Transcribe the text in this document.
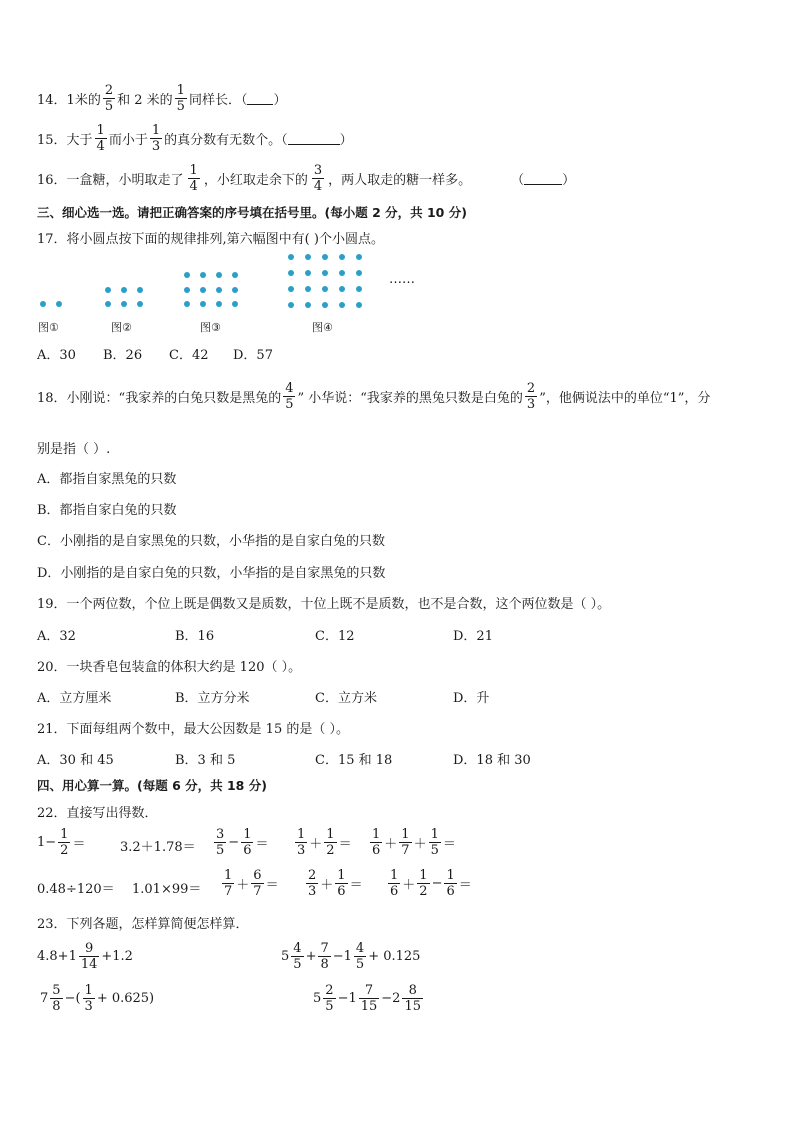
14．1米的 $\frac{2}{5}$ 和 2 米的 $\frac{1}{5}$ 同样长．（ ）
15．大于 $\frac{1}{4}$ 而小于 $\frac{1}{3}$ 的真分数有无数个。（	）
16．一盒糖，小明取走了 $\frac{1}{4}$ ，小红取走余下的 $\frac{3}{4}$ ，两人取走的糖一样多。	（	）
三、细心选一选。请把正确答案的序号填在括号里。(每小题 2 分，共 10 分)
17．将小圆点按下面的规律排列,第六幅图中有( )个小圆点。
……
图①	图②	图③	图④
A．30 B．26 C．42 D．57
18．小刚说：“我家养的白兔只数是黑兔的 $\frac{4}{5}$ ” 小华说：“我家养的黑兔只数是白兔的 $\frac{2}{3}$ ”，他俩说法中的单位“1”，分
别是指（ ）.
A．都指自家黑兔的只数
B．都指自家白兔的只数
C．小刚指的是自家黑兔的只数，小华指的是自家白兔的只数
D．小刚指的是自家白兔的只数，小华指的是自家黑兔的只数
19．一个两位数，个位上既是偶数又是质数，十位上既不是质数，也不是合数，这个两位数是（ ）。
A．32	B．16	C．12	D．21
20．一块香皂包装盒的体积大约是 120（ ）。
A．立方厘米	B．立方分米	C．立方米	D．升
21．下面每组两个数中，最大公因数是 15 的是（ ）。
A．30 和 45	B．3 和 5	C．15 和 18	D．18 和 30
四、用心算一算。(每题 6 分，共 18 分)
22．直接写出得数．
$1- \frac{1}{2}$ ＝	$3.2+1.78= \frac{3}{5} - \frac{1}{6} = \frac{1}{3} + \frac{1}{2} = \frac{1}{6} + \frac{1}{7} + \frac{1}{5}$ ＝
$0.48\div 120= 1.01\times 99= \frac{1}{7} + \frac{6}{7} = \frac{2}{3} + \frac{1}{6} = \frac{1}{6} + \frac{1}{2} - \frac{1}{6}$ ＝
23．下列各题，怎样算简便怎样算．
$4.8+1 \frac{9}{14} +1.2$	$5 \frac{4}{5} + \frac{7}{8} -1 \frac{4}{5} + 0.125$
$7 \frac{5}{8}$ −( $\frac{1}{3} + 0.625$)	$5 \frac{2}{5} -1 \frac{7}{15} -2 \frac{8}{15}$
